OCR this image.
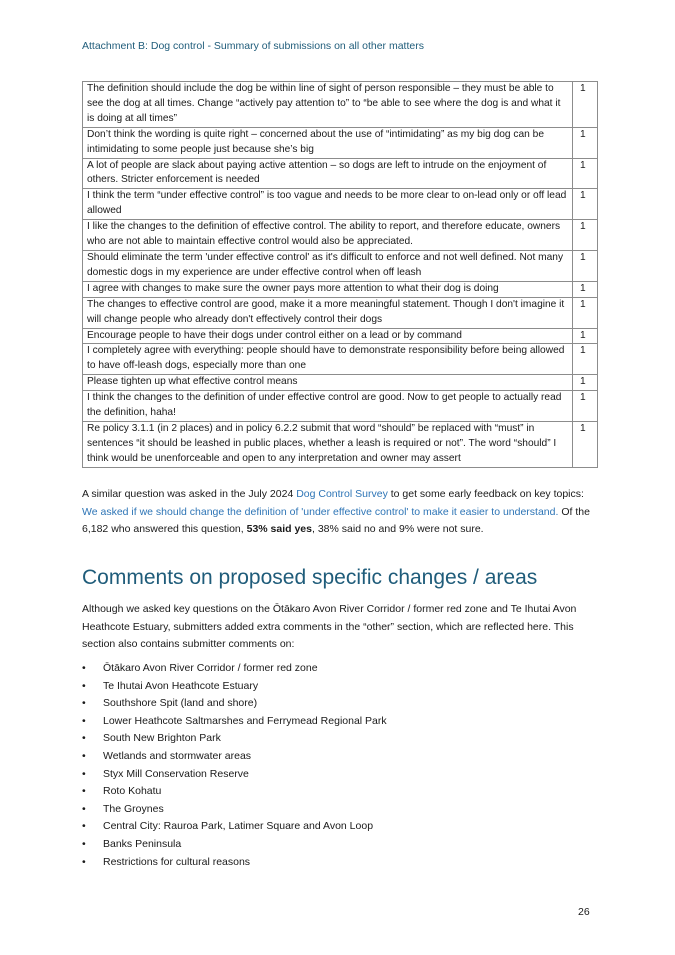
Attachment B: Dog control - Summary of submissions on all other matters
The definition should include the dog be within line of sight of person responsible – they must be able to see the dog at all times. Change “actively pay attention to” to “be able to see where the dog is and what it is doing at all times”	1
Don’t think the wording is quite right – concerned about the use of “intimidating” as my big dog can be intimidating to some people just because she’s big	1
A lot of people are slack about paying active attention – so dogs are left to intrude on the enjoyment of others. Stricter enforcement is needed	1
I think the term “under effective control” is too vague and needs to be more clear to on-lead only or off lead allowed	1
I like the changes to the definition of effective control. The ability to report, and therefore educate, owners who are not able to maintain effective control would also be appreciated.	1
Should eliminate the term 'under effective control' as it's difficult to enforce and not well defined. Not many domestic dogs in my experience are under effective control when off leash	1
I agree with changes to make sure the owner pays more attention to what their dog is doing	1
The changes to effective control are good, make it a more meaningful statement. Though I don't imagine it will change people who already don't effectively control their dogs	1
Encourage people to have their dogs under control either on a lead or by command	1
I completely agree with everything: people should have to demonstrate responsibility before being allowed to have off-leash dogs, especially more than one	1
Please tighten up what effective control means	1
I think the changes to the definition of under effective control are good. Now to get people to actually read the definition, haha!	1
Re policy 3.1.1 (in 2 places) and in policy 6.2.2 submit that word “should” be replaced with “must” in sentences “it should be leashed in public places, whether a leash is required or not”. The word “should” I think would be unenforceable and open to any interpretation and owner may assert	1
A similar question was asked in the July 2024 Dog Control Survey to get some early feedback on key topics: We asked if we should change the definition of 'under effective control' to make it easier to understand. Of the 6,182 who answered this question, 53% said yes, 38% said no and 9% were not sure.
Comments on proposed specific changes / areas
Although we asked key questions on the Ōtākaro Avon River Corridor / former red zone and Te Ihutai Avon Heathcote Estuary, submitters added extra comments in the “other” section, which are reflected here. This section also contains submitter comments on:
• Ōtākaro Avon River Corridor / former red zone
• Te Ihutai Avon Heathcote Estuary
• Southshore Spit (land and shore)
• Lower Heathcote Saltmarshes and Ferrymead Regional Park
• South New Brighton Park
• Wetlands and stormwater areas
• Styx Mill Conservation Reserve
• Roto Kohatu
• The Groynes
• Central City: Rauroa Park, Latimer Square and Avon Loop
• Banks Peninsula
• Restrictions for cultural reasons
26
